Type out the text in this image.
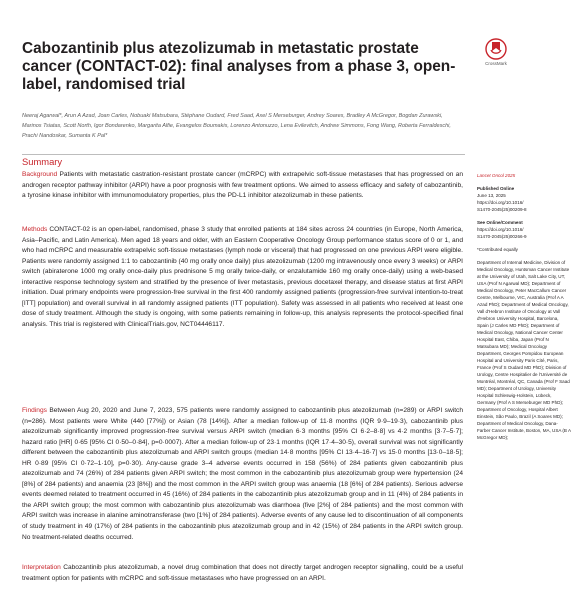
Cabozantinib plus atezolizumab in metastatic prostate cancer (CONTACT-02): final analyses from a phase 3, open-label, randomised trial
CrossMark

Neeraj Agarwal*, Arun A Azad, Joan Carles, Nobuaki Matsubara, Stéphane Oudard, Fred Saad, Axel S Merseburger, Andrey Soares, Bradley A McGregor, Bogdan Zurawski, Marinos Tsiatas, Scott North, Igor Bondarenko, Margarita Alfie, Evangelos Boumakis, Lorenzo Antonuzzo, Lena Evilevitch, Andrew Simmons, Fong Wang, Roberta Ferraldeschi, Prachi Nandoskar, Sumanta K Pal*

Summary

Background Patients with metastatic castration-resistant prostate cancer (mCRPC) with extrapelvic soft-tissue metastases that has progressed on an androgen receptor pathway inhibitor (ARPI) have a poor prognosis with few treatment options. We aimed to assess efficacy and safety of cabozantinib, a tyrosine kinase inhibitor with immunomodulatory properties, plus the PD-L1 inhibitor atezolizumab in these patients.

Methods CONTACT-02 is an open-label, randomised, phase 3 study that enrolled patients at 184 sites across 24 countries (in Europe, North America, Asia–Pacific, and Latin America). Men aged 18 years and older, with an Eastern Cooperative Oncology Group performance status score of 0 or 1, and who had mCRPC and measurable extrapelvic soft-tissue metastases (lymph node or visceral) that had progressed on one previous ARPI were eligible. Patients were randomly assigned 1:1 to cabozantinib (40 mg orally once daily) plus atezolizumab (1200 mg intravenously once every 3 weeks) or ARPI switch (abiraterone 1000 mg orally once-daily plus prednisone 5 mg orally twice-daily, or enzalutamide 160 mg orally once-daily) using a web-based interactive response technology system and stratified by the presence of liver metastasis, previous docetaxel therapy, and disease status at first ARPI initiation. Dual primary endpoints were progression-free survival in the first 400 randomly assigned patients (progression-free survival intention-to-treat [ITT] population) and overall survival in all randomly assigned patients (ITT population). Safety was assessed in all patients who received at least one dose of study treatment. Although the study is ongoing, with some patients remaining in follow-up, this analysis represents the protocol-specified final analysis. This trial is registered with ClinicalTrials.gov, NCT04446117.

Findings Between Aug 20, 2020 and June 7, 2023, 575 patients were randomly assigned to cabozantinib plus atezolizumab (n=289) or ARPI switch (n=286). Most patients were White (440 [77%]) or Asian (78 [14%]). After a median follow-up of 11·8 months (IQR 9·9–19·3), cabozantinib plus atezolizumab significantly improved progression-free survival versus ARPI switch (median 6·3 months [95% CI 6·2–8·8] vs 4·2 months [3·7–5·7]; hazard ratio [HR] 0·65 [95% CI 0·50–0·84], p=0·0007). After a median follow-up of 23·1 months (IQR 17·4–30·5), overall survival was not significantly different between the cabozantinib plus atezolizumab and ARPI switch groups (median 14·8 months [95% CI 13·4–16·7] vs 15·0 months [13·0–18·5]; HR 0·89 [95% CI 0·72–1·10], p=0·30). Any-cause grade 3–4 adverse events occurred in 158 (56%) of 284 patients given cabozantinib plus atezolizumab and 74 (26%) of 284 patients given ARPI switch; the most common in the cabozantinib plus atezolizumab group were hypertension (24 [8%] of 284 patients) and anaemia (23 [8%]) and the most common in the ARPI switch group was anaemia (18 [6%] of 284 patients). Serious adverse events deemed related to treatment occurred in 45 (16%) of 284 patients in the cabozantinib plus atezolizumab group and in 11 (4%) of 284 patients in the ARPI switch group; the most common with cabozantinib plus atezolizumab was diarrhoea (five [2%] of 284 patients) and the most common with ARPI switch was increase in alanine aminotransferase (two [1%] of 284 patients). Adverse events of any cause led to discontinuation of all components of study treatment in 49 (17%) of 284 patients in the cabozantinib plus atezolizumab group and in 42 (15%) of 284 patients in the ARPI switch group. No treatment-related deaths occurred.

Interpretation Cabozantinib plus atezolizumab, a novel drug combination that does not directly target androgen receptor signalling, could be a useful treatment option for patients with mCRPC and soft-tissue metastases who have progressed on an ARPI.

Lancet Oncol 2025

Published Online

June 13, 2025

https://doi.org/10.1016/

S1470-2045(25)00209-8

See Online/Comment

https://doi.org/10.1016/

S1470-2045(25)00266-9

*Contributed equally

Department of Internal Medicine, Division of Medical Oncology, Huntsman Cancer Institute at the University of Utah, Salt Lake City, UT, USA (Prof N Agarwal MD); Department of Medical Oncology, Peter MacCallum Cancer Centre, Melbourne, VIC, Australia (Prof A A Azad PhD); Department of Medical Oncology, Vall d'Hebron Institute of Oncology at Vall d'Hebron University Hospital, Barcelona, Spain (J Carles MD PhD); Department of Medical Oncology, National Cancer Center Hospital East, Chiba, Japan (Prof N Matsubara MD); Medical Oncology Department, Georges Pompidou European Hospital and University Paris Cité, Paris, France (Prof S Oudard MD PhD); Division of Urology, Centre Hospitalier de l'Université de Montréal, Montréal, QC, Canada (Prof F Saad MD); Department of Urology, University Hospital Schleswig-Holstein, Lübeck, Germany (Prof A S Merseburger MD PhD); Department of Oncology, Hospital Albert Einstein, São Paulo, Brazil (A Soares MD); Department of Medical Oncology, Dana-Farber Cancer Institute, Boston, MA, USA (B A McGregor MD);
